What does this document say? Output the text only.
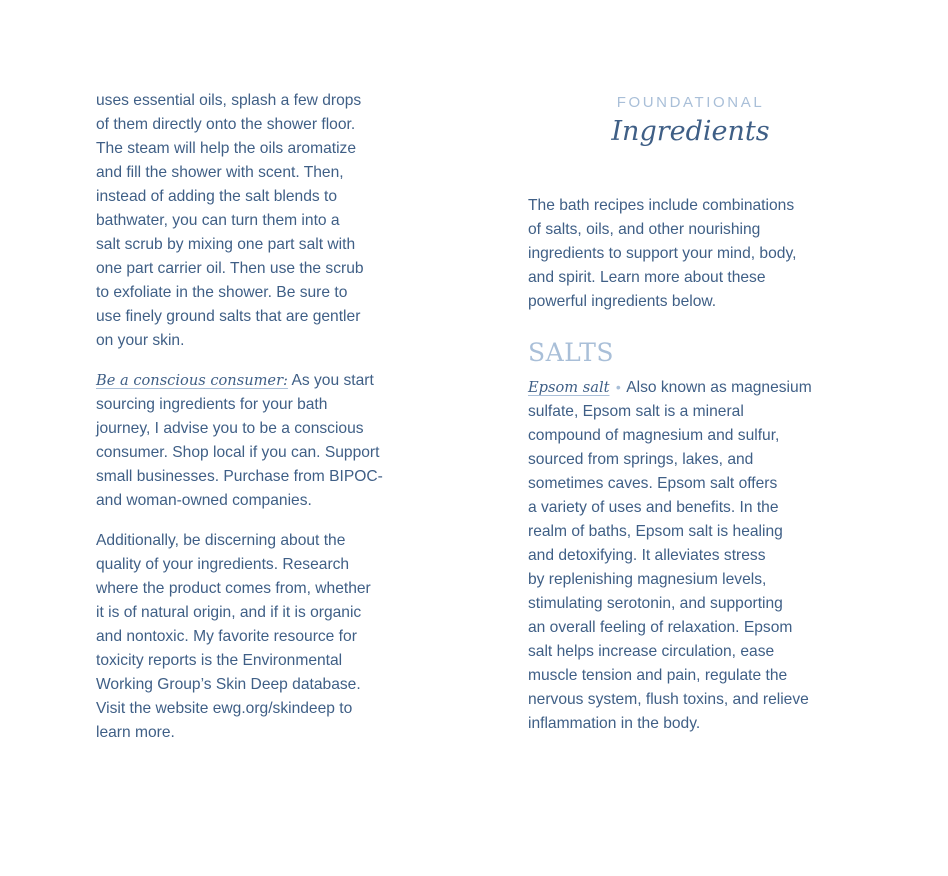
uses essential oils, splash a few drops
of them directly onto the shower floor.
The steam will help the oils aromatize
and fill the shower with scent. Then,
instead of adding the salt blends to
bathwater, you can turn them into a
salt scrub by mixing one part salt with
one part carrier oil. Then use the scrub
to exfoliate in the shower. Be sure to
use finely ground salts that are gentler
on your skin.
Be a conscious consumer: As you start
sourcing ingredients for your bath
journey, I advise you to be a conscious
consumer. Shop local if you can. Support
small businesses. Purchase from BIPOC-
and woman-owned companies.
Additionally, be discerning about the
quality of your ingredients. Research
where the product comes from, whether
it is of natural origin, and if it is organic
and nontoxic. My favorite resource for
toxicity reports is the Environmental
Working Group’s Skin Deep database.
Visit the website ewg.org/skindeep to
learn more.
FOUNDATIONAL
Ingredients
The bath recipes include combinations
of salts, oils, and other nourishing
ingredients to support your mind, body,
and spirit. Learn more about these
powerful ingredients below.
SALTS
Epsom salt • Also known as magnesium
sulfate, Epsom salt is a mineral
compound of magnesium and sulfur,
sourced from springs, lakes, and
sometimes caves. Epsom salt offers
a variety of uses and benefits. In the
realm of baths, Epsom salt is healing
and detoxifying. It alleviates stress
by replenishing magnesium levels,
stimulating serotonin, and supporting
an overall feeling of relaxation. Epsom
salt helps increase circulation, ease
muscle tension and pain, regulate the
nervous system, flush toxins, and relieve
inflammation in the body.
